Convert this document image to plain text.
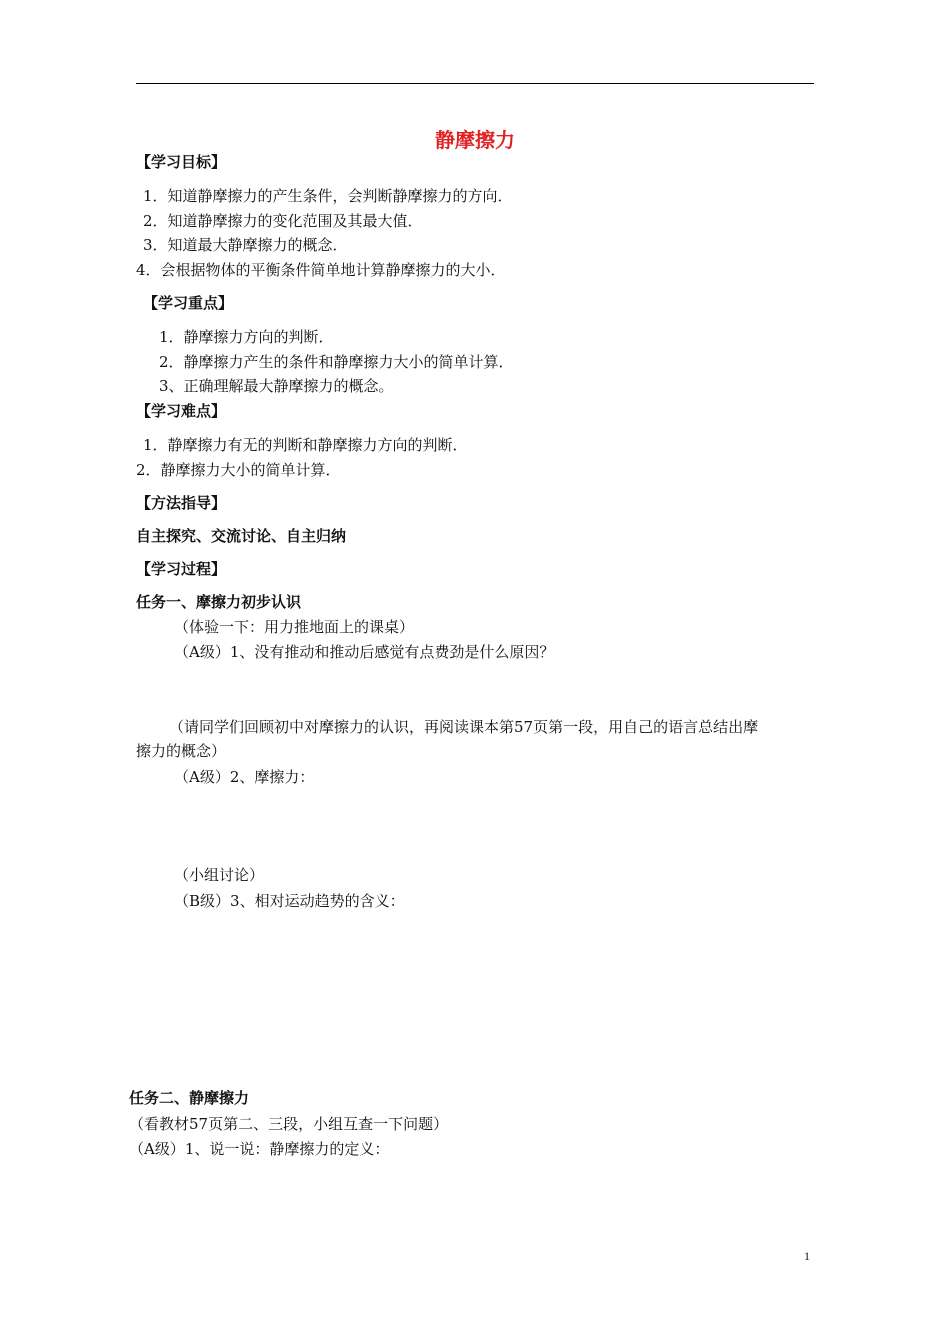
静摩擦力
【学习目标】
1．知道静摩擦力的产生条件，会判断静摩擦力的方向．
2．知道静摩擦力的变化范围及其最大值．
3．知道最大静摩擦力的概念．
4．会根据物体的平衡条件简单地计算静摩擦力的大小．
【学习重点】
1．静摩擦力方向的判断．
2．静摩擦力产生的条件和静摩擦力大小的简单计算．
3、正确理解最大静摩擦力的概念。
【学习难点】
1．静摩擦力有无的判断和静摩擦力方向的判断．
2．静摩擦力大小的简单计算．
【方法指导】
自主探究、交流讨论、自主归纳
【学习过程】
任务一、摩擦力初步认识
（体验一下：用力推地面上的课桌）
（A级）1、没有推动和推动后感觉有点费劲是什么原因？
（请同学们回顾初中对摩擦力的认识，再阅读课本第57页第一段，用自己的语言总结出摩
擦力的概念）
（A级）2、摩擦力：
（小组讨论）
（B级）3、相对运动趋势的含义：
任务二、静摩擦力
（看教材57页第二、三段，小组互查一下问题）
（A级）1、说一说：静摩擦力的定义：
1
